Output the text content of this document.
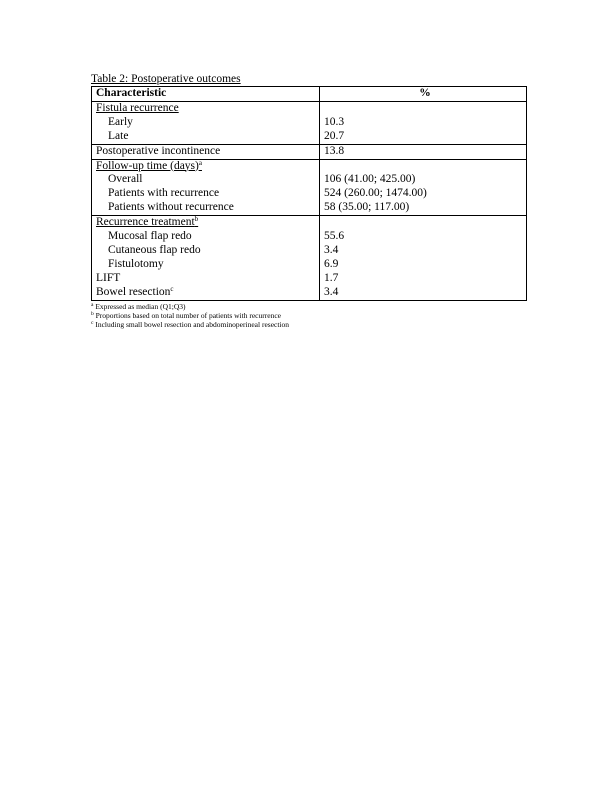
Table 2: Postoperative outcomes
Characteristic	%
Fistula recurrence	
Early	10.3
Late	20.7
Postoperative incontinence	13.8
Follow-up time (days)$^a$	
Overall	106 (41.00; 425.00)
Patients with recurrence	524 (260.00; 1474.00)
Patients without recurrence	58 (35.00; 117.00)
Recurrence treatment$^b$	
Mucosal flap redo	55.6
Cutaneous flap redo	3.4
Fistulotomy	6.9
LIFT	1.7
Bowel resection$^c$	3.4
$^a$ Expressed as median (Q1;Q3)
$^b$ Proportions based on total number of patients with recurrence
$^c$ Including small bowel resection and abdominoperineal resection
